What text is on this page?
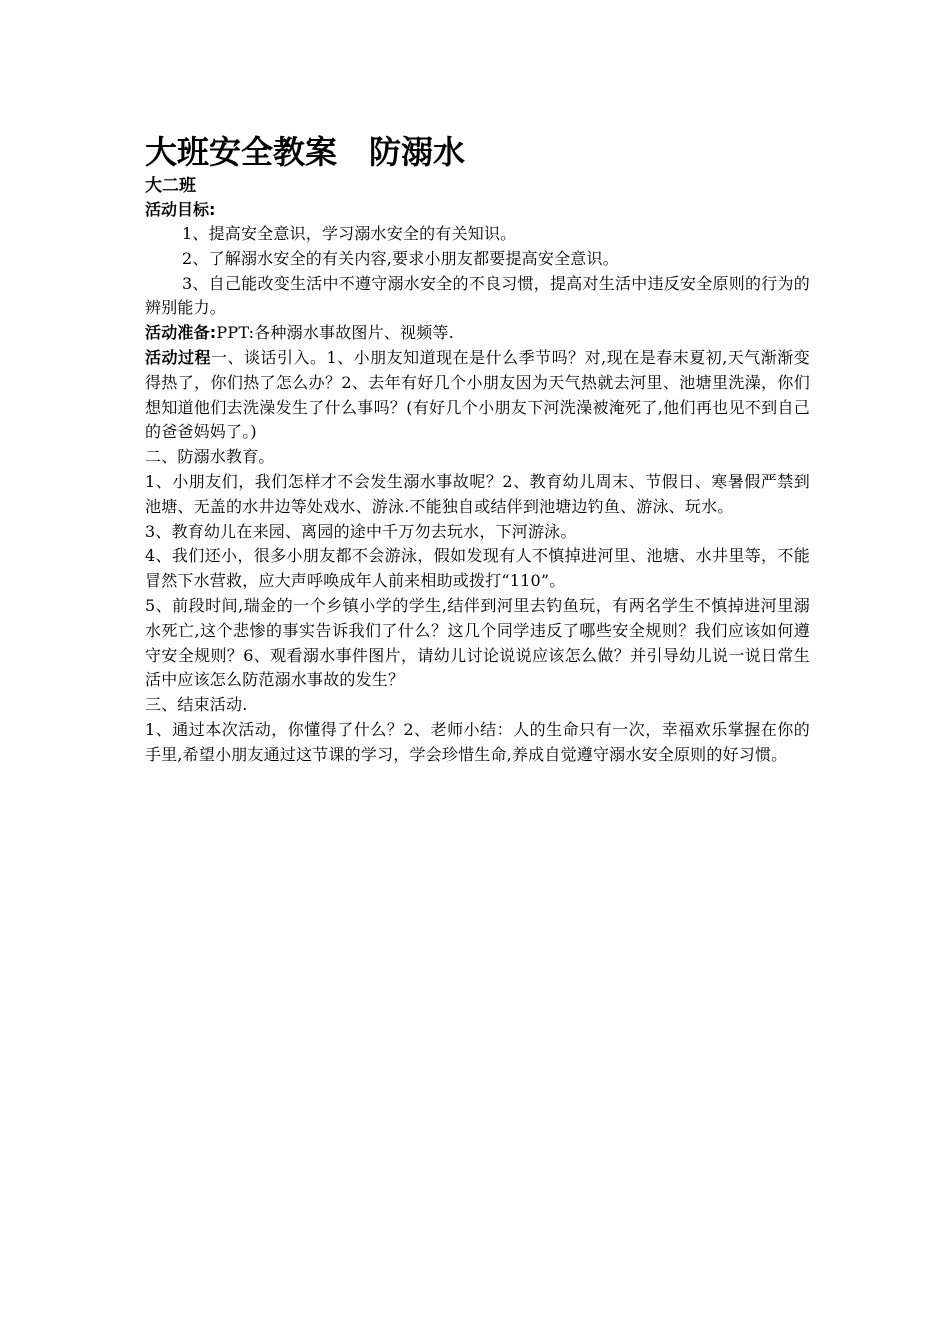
大班安全教案　防溺水
大二班
活动目标:

1、提高安全意识，学习溺水安全的有关知识。

2、了解溺水安全的有关内容,要求小朋友都要提高安全意识。

3、自己能改变生活中不遵守溺水安全的不良习惯，提高对生活中违反安全原则的行为的辨别能力。

活动准备:PPT:各种溺水事故图片、视频等.

活动过程一、谈话引入。1、小朋友知道现在是什么季节吗？对,现在是春末夏初,天气渐渐变得热了，你们热了怎么办？2、去年有好几个小朋友因为天气热就去河里、池塘里洗澡，你们想知道他们去洗澡发生了什么事吗？(有好几个小朋友下河洗澡被淹死了,他们再也见不到自己的爸爸妈妈了。)

二、防溺水教育。

1、小朋友们，我们怎样才不会发生溺水事故呢？2、教育幼儿周末、节假日、寒暑假严禁到池塘、无盖的水井边等处戏水、游泳.不能独自或结伴到池塘边钓鱼、游泳、玩水。

3、教育幼儿在来园、离园的途中千万勿去玩水，下河游泳。

4、我们还小，很多小朋友都不会游泳，假如发现有人不慎掉进河里、池塘、水井里等，不能冒然下水营救，应大声呼唤成年人前来相助或拨打“110”。

5、前段时间,瑞金的一个乡镇小学的学生,结伴到河里去钓鱼玩，有两名学生不慎掉进河里溺水死亡,这个悲惨的事实告诉我们了什么？这几个同学违反了哪些安全规则？我们应该如何遵守安全规则？6、观看溺水事件图片，请幼儿讨论说说应该怎么做？并引导幼儿说一说日常生活中应该怎么防范溺水事故的发生？

三、结束活动.

1、通过本次活动，你懂得了什么？2、老师小结：人的生命只有一次，幸福欢乐掌握在你的手里,希望小朋友通过这节课的学习，学会珍惜生命,养成自觉遵守溺水安全原则的好习惯。
